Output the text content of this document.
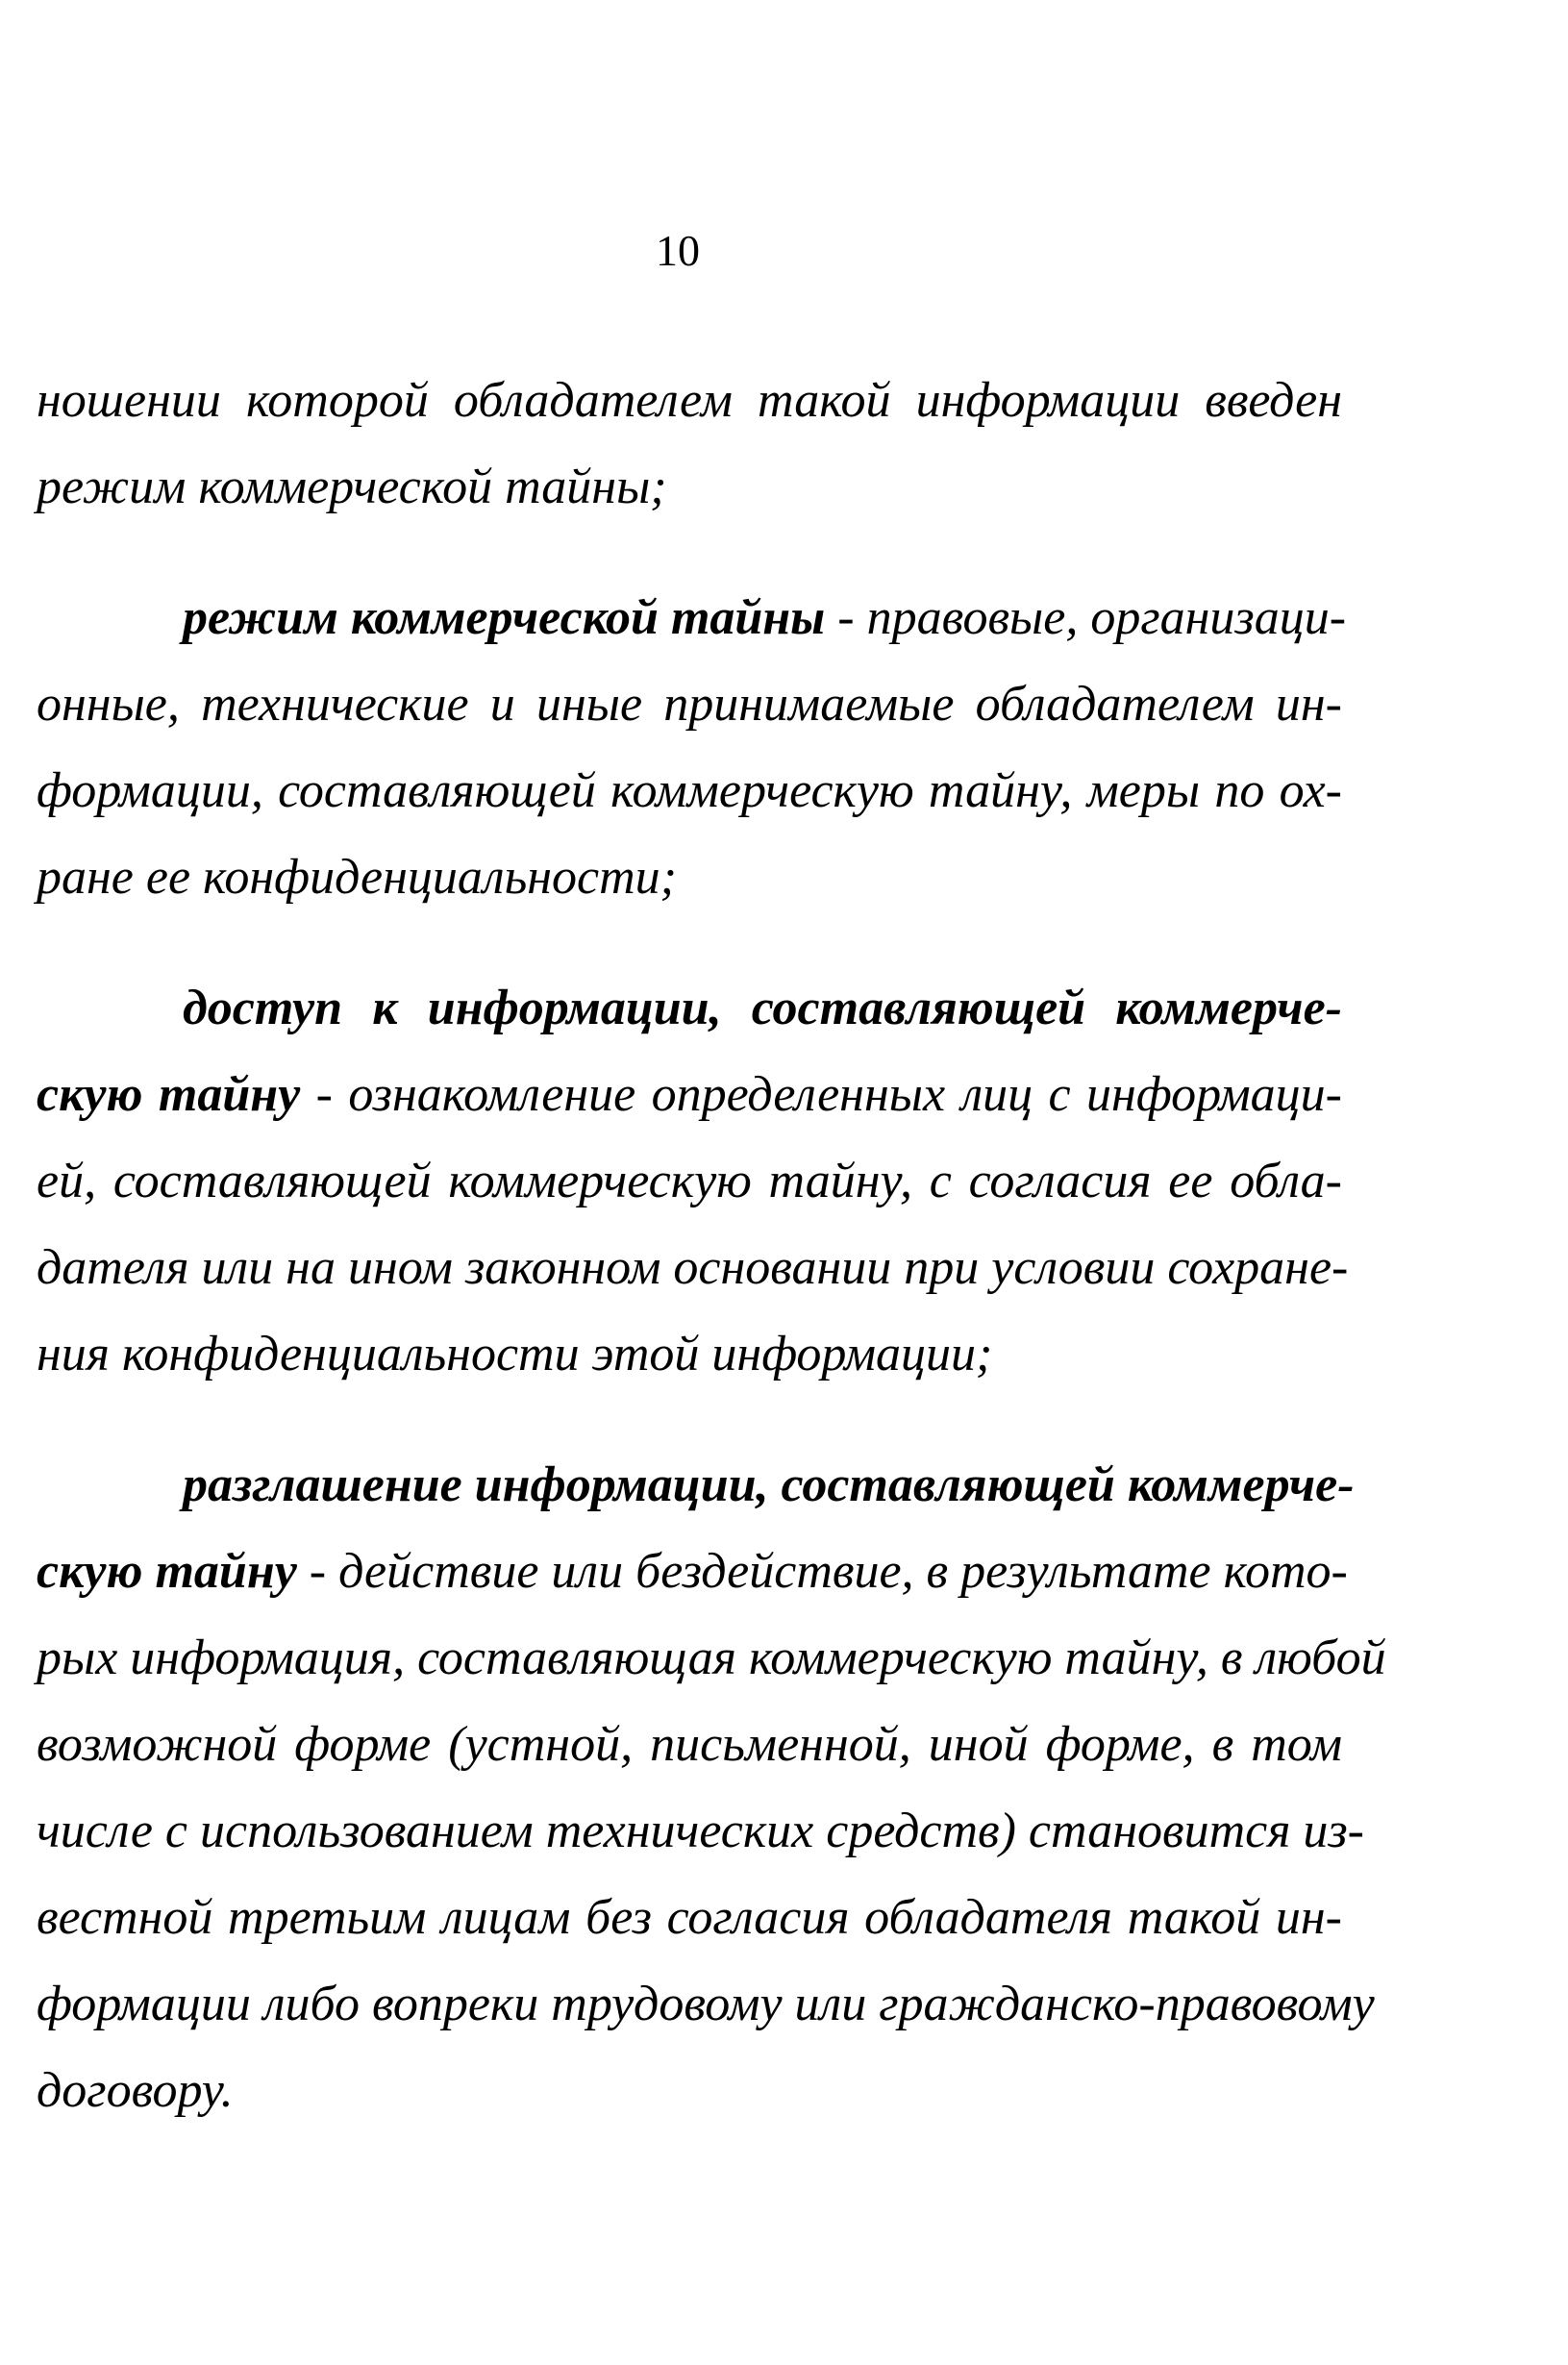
10
ношении которой обладателем такой информации введен
режим коммерческой тайны;
режим коммерческой тайны - правовые, организаци-
онные, технические и иные принимаемые обладателем ин-
формации, составляющей коммерческую тайну, меры по ох-
ране ее конфиденциальности;
доступ к информации, составляющей коммерче-
скую тайну - ознакомление определенных лиц с информаци-
ей, составляющей коммерческую тайну, с согласия ее обла-
дателя или на ином законном основании при условии сохране-
ния конфиденциальности этой информации;
разглашение информации, составляющей коммерче-
скую тайну - действие или бездействие, в результате кото-
рых информация, составляющая коммерческую тайну, в любой
возможной форме (устной, письменной, иной форме, в том
числе с использованием технических средств) становится из-
вестной третьим лицам без согласия обладателя такой ин-
формации либо вопреки трудовому или гражданско-правовому
договору.
